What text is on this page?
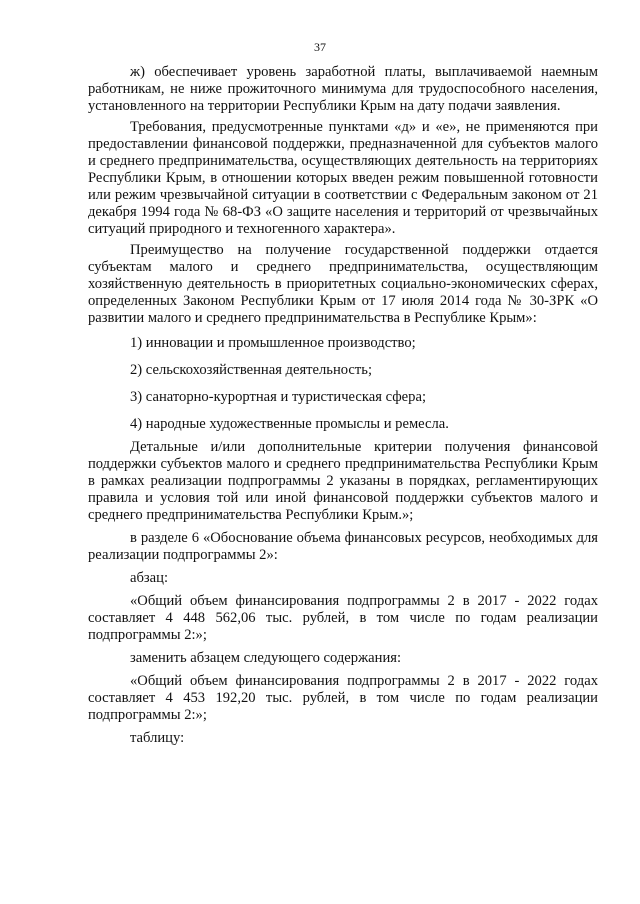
37

ж) обеспечивает уровень заработной платы, выплачиваемой наемным работникам, не ниже прожиточного минимума для трудоспособного населения, установленного на территории Республики Крым на дату подачи заявления.

Требования, предусмотренные пунктами «д» и «е», не применяются при предоставлении финансовой поддержки, предназначенной для субъектов малого и среднего предпринимательства, осуществляющих деятельность на территориях Республики Крым, в отношении которых введен режим повышенной готовности или режим чрезвычайной ситуации в соответствии с Федеральным законом от 21 декабря 1994 года № 68-ФЗ «О защите населения и территорий от чрезвычайных ситуаций природного и техногенного характера».

Преимущество на получение государственной поддержки отдается субъектам малого и среднего предпринимательства, осуществляющим хозяйственную деятельность в приоритетных социально-экономических сферах, определенных Законом Республики Крым от 17 июля 2014 года № 30-ЗРК «О развитии малого и среднего предпринимательства в Республике Крым»:

1) инновации и промышленное производство;

2) сельскохозяйственная деятельность;

3) санаторно-курортная и туристическая сфера;

4) народные художественные промыслы и ремесла.

Детальные и/или дополнительные критерии получения финансовой поддержки субъектов малого и среднего предпринимательства Республики Крым в рамках реализации подпрограммы 2 указаны в порядках, регламентирующих правила и условия той или иной финансовой поддержки субъектов малого и среднего предпринимательства Республики Крым.»;

в разделе 6 «Обоснование объема финансовых ресурсов, необходимых для реализации подпрограммы 2»:

абзац:

«Общий объем финансирования подпрограммы 2 в 2017 - 2022 годах составляет 4 448 562,06 тыс. рублей, в том числе по годам реализации подпрограммы 2:»;

заменить абзацем следующего содержания:

«Общий объем финансирования подпрограммы 2 в 2017 - 2022 годах составляет 4 453 192,20 тыс. рублей, в том числе по годам реализации подпрограммы 2:»;

таблицу:
